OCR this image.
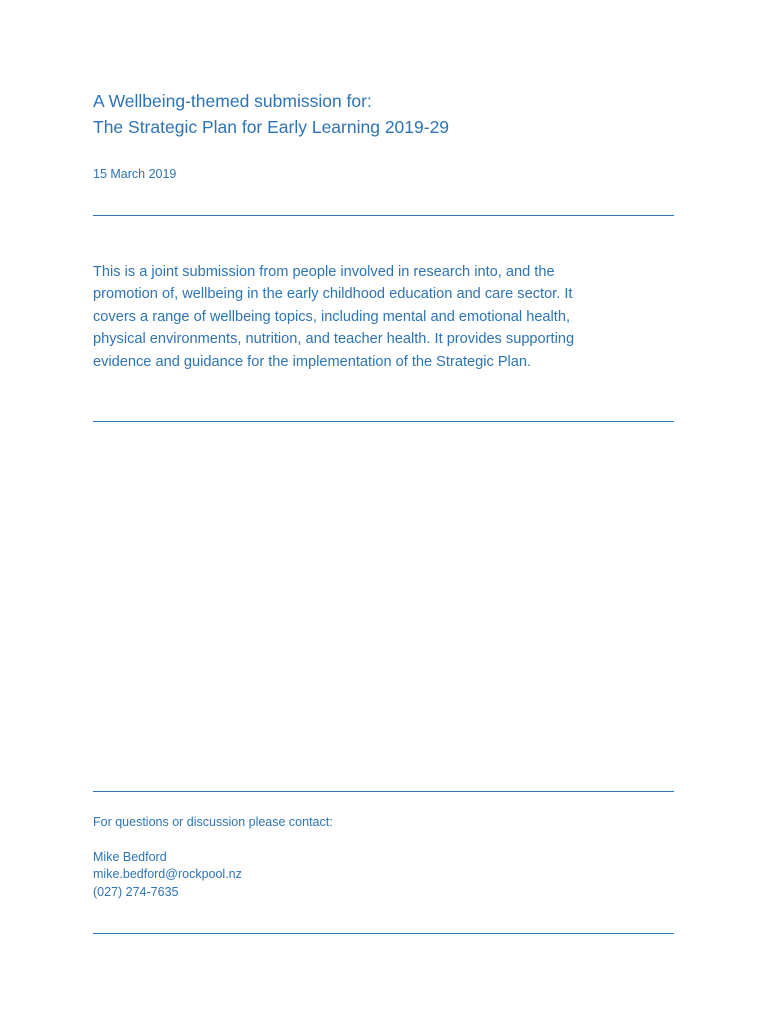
A Wellbeing-themed submission for:
The Strategic Plan for Early Learning 2019-29
15 March 2019
This is a joint submission from people involved in research into, and the
promotion of, wellbeing in the early childhood education and care sector. It
covers a range of wellbeing topics, including mental and emotional health,
physical environments, nutrition, and teacher health. It provides supporting
evidence and guidance for the implementation of the Strategic Plan.
For questions or discussion please contact:
Mike Bedford
mike.bedford@rockpool.nz
(027) 274-7635
